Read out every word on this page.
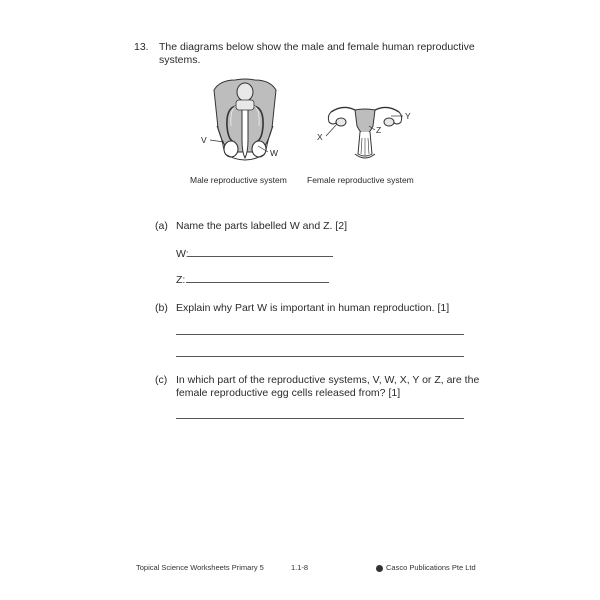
13. The diagrams below show the male and female human reproductive
systems.
V
W
Male reproductive system
Y
Z
X
Female reproductive system
(a) Name the parts labelled W and Z. [2]
W:
Z:
(b) Explain why Part W is important in human reproduction. [1]
(c) In which part of the reproductive systems, V, W, X, Y or Z, are the
female reproductive egg cells released from? [1]
Topical Science Worksheets Primary 5	1.1-8	Casco Publications Pte Ltd
